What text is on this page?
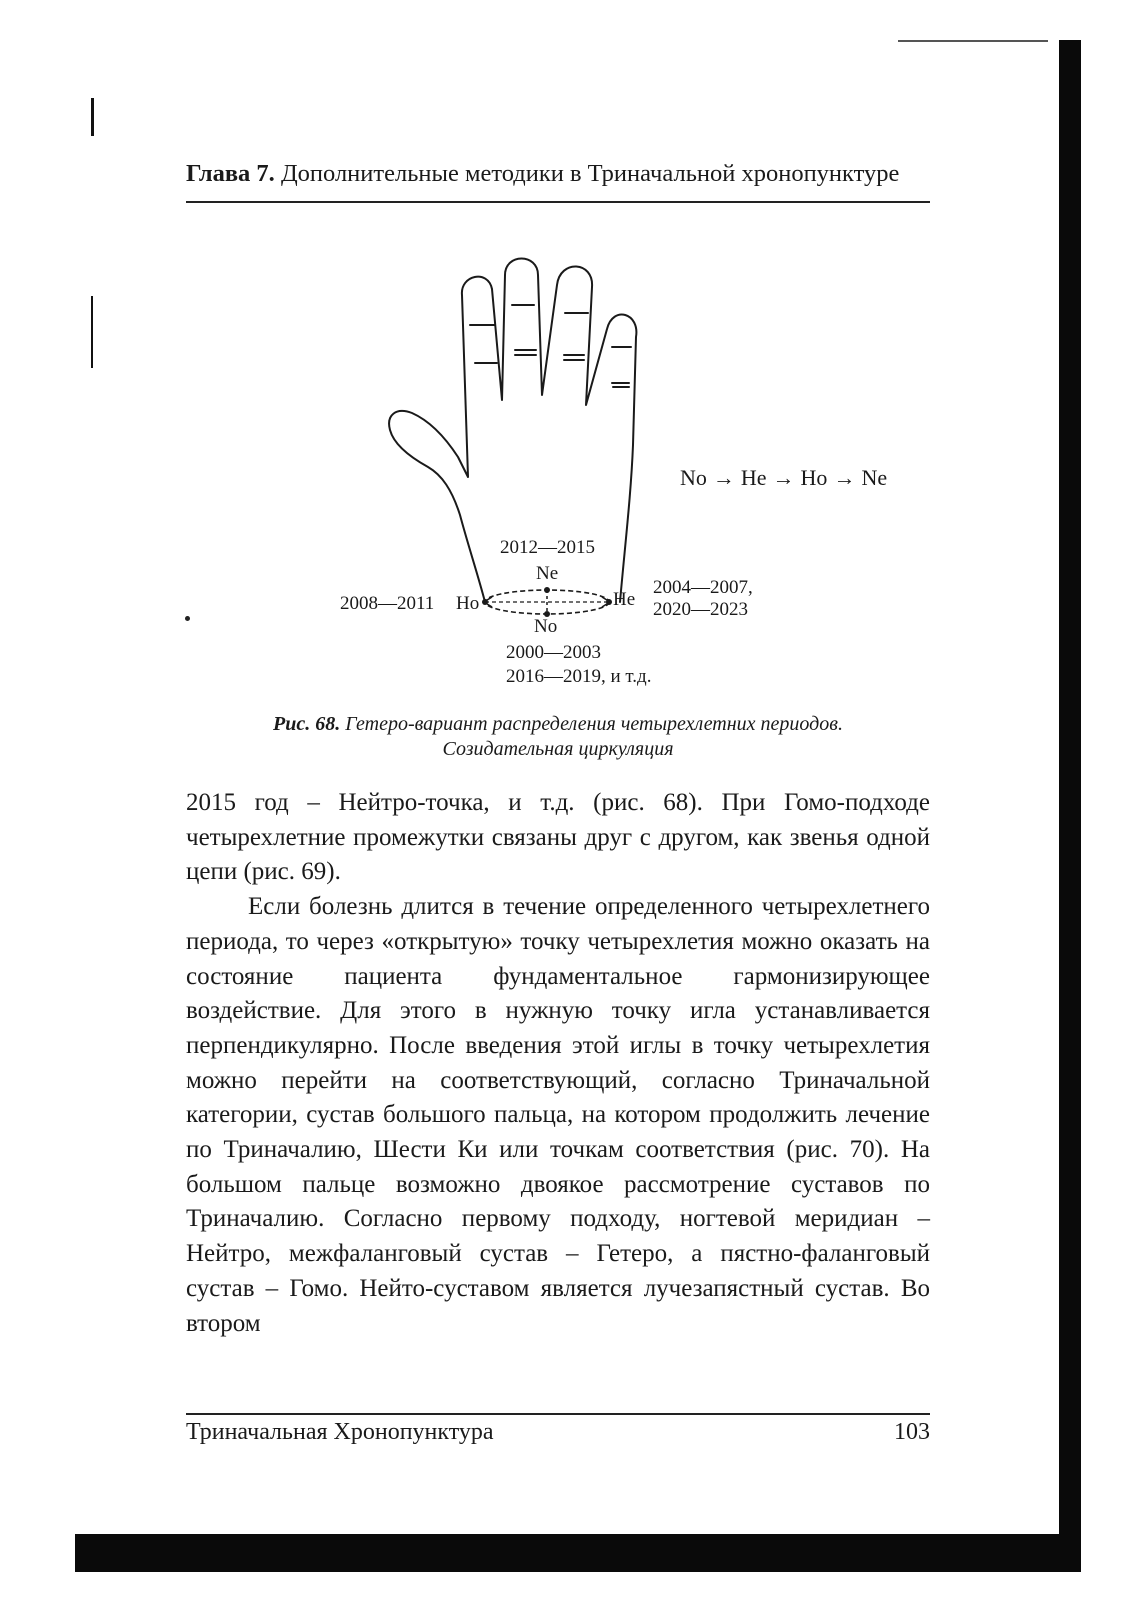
Глава 7. Дополнительные методики в Триначальной хронопунктуре
No → He → Ho → Ne
2012—2015
Ne
2008—2011 Ho	He
2004—2007,
2020—2023
No
2000—2003
2016—2019, и т.д.
Рис. 68. Гетеро-вариант распределения четырехлетних периодов.
Созидательная циркуляция

2015 год – Нейтро-точка, и т.д. (рис. 68). При Гомо-подходе четырехлетние промежутки связаны друг с другом, как звенья одной цепи (рис. 69).

Если болезнь длится в течение определенного четырехлетнего периода, то через «открытую» точку четырехлетия можно оказать на состояние пациента фундаментальное гармонизирующее воздействие. Для этого в нужную точку игла устанавливается перпендикулярно. После введения этой иглы в точку четырехлетия можно перейти на соответствующий, согласно Триначальной категории, сустав большого пальца, на котором продолжить лечение по Триначалию, Шести Ки или точкам соответствия (рис. 70). На большом пальце возможно двоякое рассмотрение суставов по Триначалию. Согласно первому подходу, ногтевой меридиан – Нейтро, межфаланговый сустав – Гетеро, а пястно-фаланговый сустав – Гомо. Нейто-суставом является лучезапястный сустав. Во втором

Триначальная Хронопунктура	103
